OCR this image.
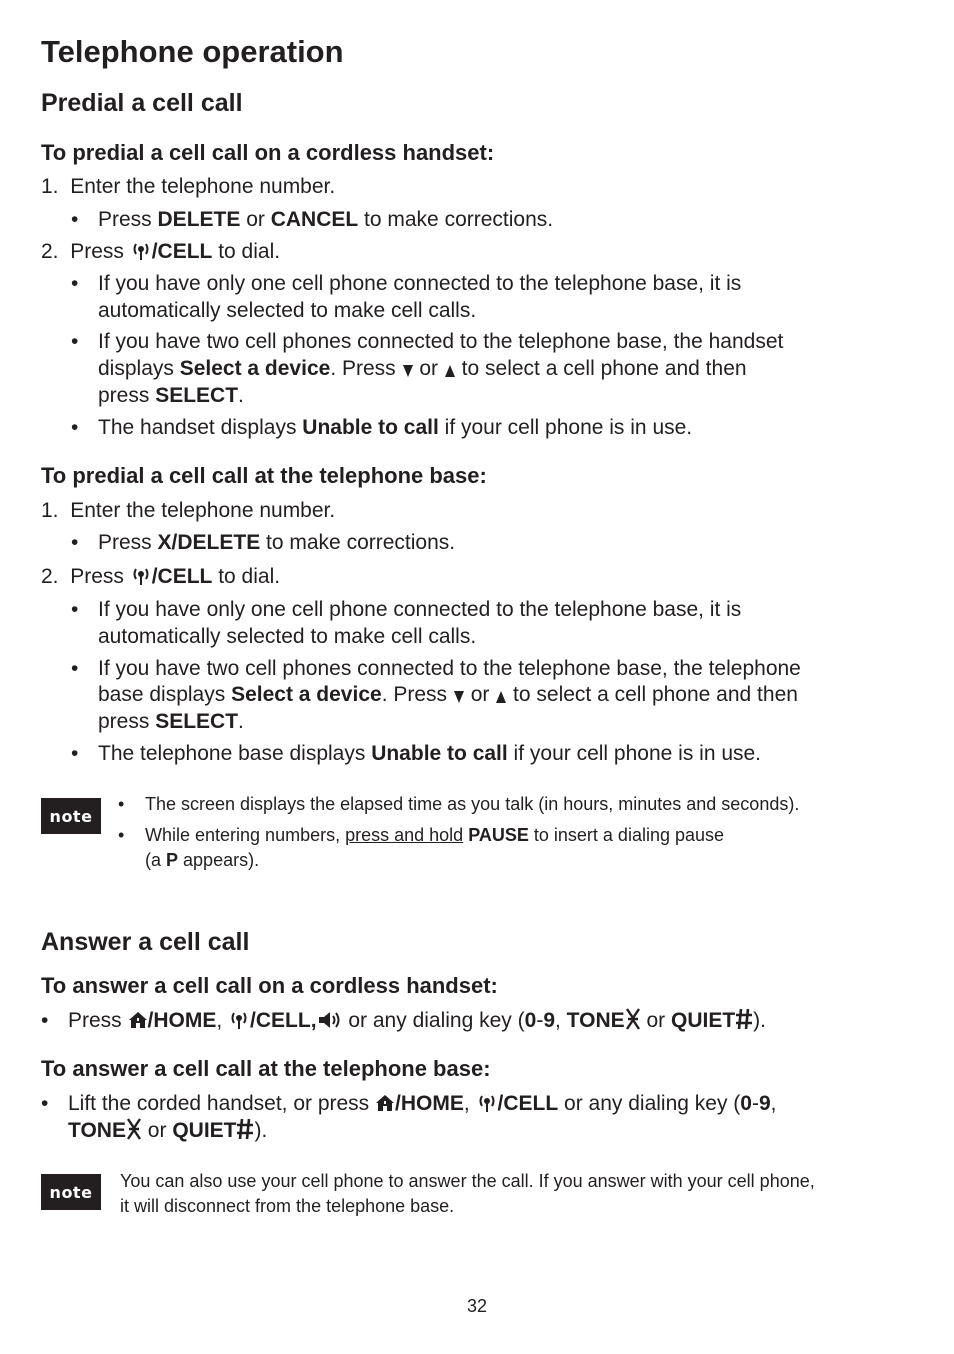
Telephone operation
Predial a cell call
To predial a cell call on a cordless handset:
1. Enter the telephone number.
• Press DELETE or CANCEL to make corrections.
2. Press /CELL to dial.
• If you have only one cell phone connected to the telephone base, it is
automatically selected to make cell calls.
• If you have two cell phones connected to the telephone base, the handset
displays Select a device. Press  or  to select a cell phone and then
press SELECT.
• The handset displays Unable to call if your cell phone is in use.
To predial a cell call at the telephone base:
1. Enter the telephone number.
• Press X/DELETE to make corrections.
2. Press /CELL to dial.
• If you have only one cell phone connected to the telephone base, it is
automatically selected to make cell calls.
• If you have two cell phones connected to the telephone base, the telephone
base displays Select a device. Press  or  to select a cell phone and then
press SELECT.
• The telephone base displays Unable to call if your cell phone is in use.
note
• The screen displays the elapsed time as you talk (in hours, minutes and seconds).
• While entering numbers, press and hold PAUSE to insert a dialing pause
(a P appears).
Answer a cell call
To answer a cell call on a cordless handset:
• Press /HOME, /CELL, or any dialing key (0-9, TONE or QUIET ).
To answer a cell call at the telephone base:
• Lift the corded handset, or press /HOME, /CELL or any dialing key (0-9,
TONE or QUIET ).
note
You can also use your cell phone to answer the call. If you answer with your cell phone,
it will disconnect from the telephone base.
32
